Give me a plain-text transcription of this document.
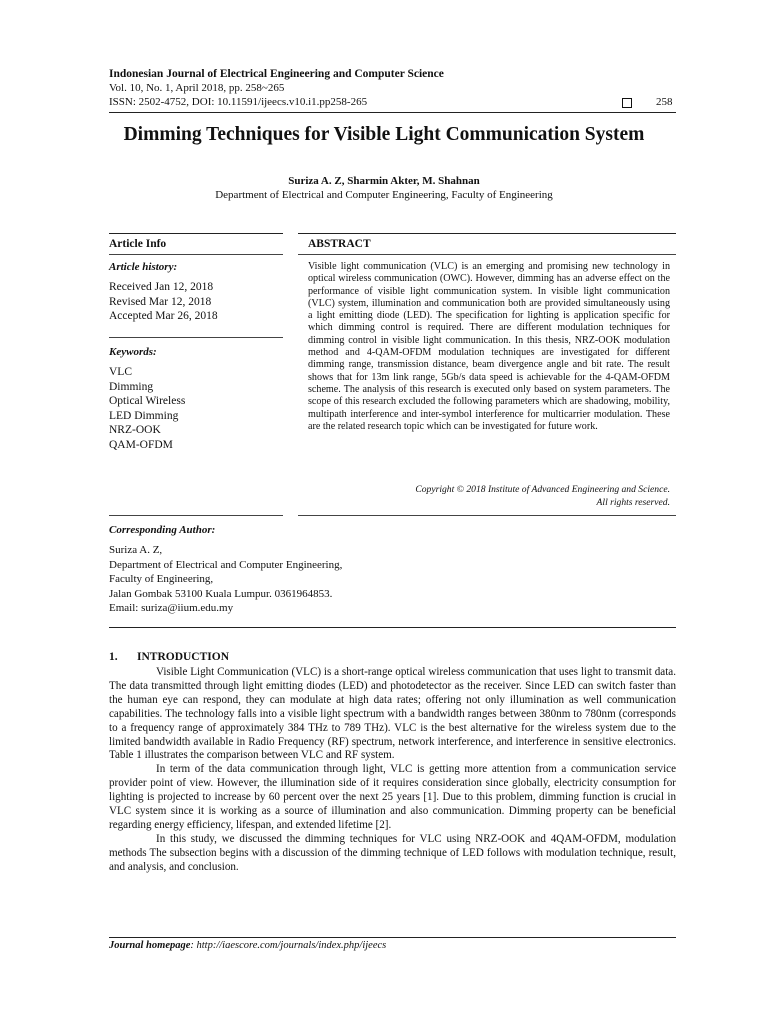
Indonesian Journal of Electrical Engineering and Computer Science
Vol. 10, No. 1, April 2018, pp. 258~265
ISSN: 2502-4752, DOI: 10.11591/ijeecs.v10.i1.pp258-265	258
Dimming Techniques for Visible Light Communication System
Suriza A. Z, Sharmin Akter, M. Shahnan
Department of Electrical and Computer Engineering, Faculty of Engineering
Article Info	ABSTRACT
Article history:
Received Jan 12, 2018
Revised Mar 12, 2018
Accepted Mar 26, 2018
Keywords:
VLC
Dimming
Optical Wireless
LED Dimming
NRZ-OOK
QAM-OFDM
Visible light communication (VLC) is an emerging and promising new technology in optical wireless communication (OWC). However, dimming has an adverse effect on the performance of visible light communication system. In visible light communication (VLC) system, illumination and communication both are provided simultaneously using a light emitting diode (LED). The specification for lighting is application specific for which dimming control is required. There are different modulation techniques for dimming control in visible light communication. In this thesis, NRZ-OOK modulation method and 4-QAM-OFDM modulation techniques are investigated for different dimming range, transmission distance, beam divergence angle and bit rate. The result shows that for 13m link range, 5Gb/s data speed is achievable for the 4-QAM-OFDM scheme. The analysis of this research is executed only based on system parameters. The scope of this research excluded the following parameters which are shadowing, mobility, multipath interference and inter-symbol interference for multicarrier modulation. These are the related research topic which can be investigated for future work.
Copyright © 2018 Institute of Advanced Engineering and Science.
All rights reserved.
Corresponding Author:
Suriza A. Z,
Department of Electrical and Computer Engineering,
Faculty of Engineering,
Jalan Gombak 53100 Kuala Lumpur. 0361964853.
Email: suriza@iium.edu.my
1. INTRODUCTION

Visible Light Communication (VLC) is a short-range optical wireless communication that uses light to transmit data. The data transmitted through light emitting diodes (LED) and photodetector as the receiver. Since LED can switch faster than the human eye can respond, they can modulate at high data rates; offering not only illumination as well communication capabilities. The technology falls into a visible light spectrum with a bandwidth ranges between 380nm to 780nm (corresponds to a frequency range of approximately 384 THz to 789 THz). VLC is the best alternative for the wireless system due to the limited bandwidth available in Radio Frequency (RF) spectrum, network interference, and interference in sensitive electronics. Table 1 illustrates the comparison between VLC and RF system.

In term of the data communication through light, VLC is getting more attention from a communication service provider point of view. However, the illumination side of it requires consideration since globally, electricity consumption for lighting is projected to increase by 60 percent over the next 25 years [1]. Due to this problem, dimming function is crucial in VLC system since it is working as a source of illumination and also communication. Dimming property can be beneficial regarding energy efficiency, lifespan, and extended lifetime [2].

In this study, we discussed the dimming techniques for VLC using NRZ-OOK and 4QAM-OFDM, modulation methods The subsection begins with a discussion of the dimming technique of LED follows with modulation technique, result, and analysis, and conclusion.

Journal homepage: http://iaescore.com/journals/index.php/ijeecs
